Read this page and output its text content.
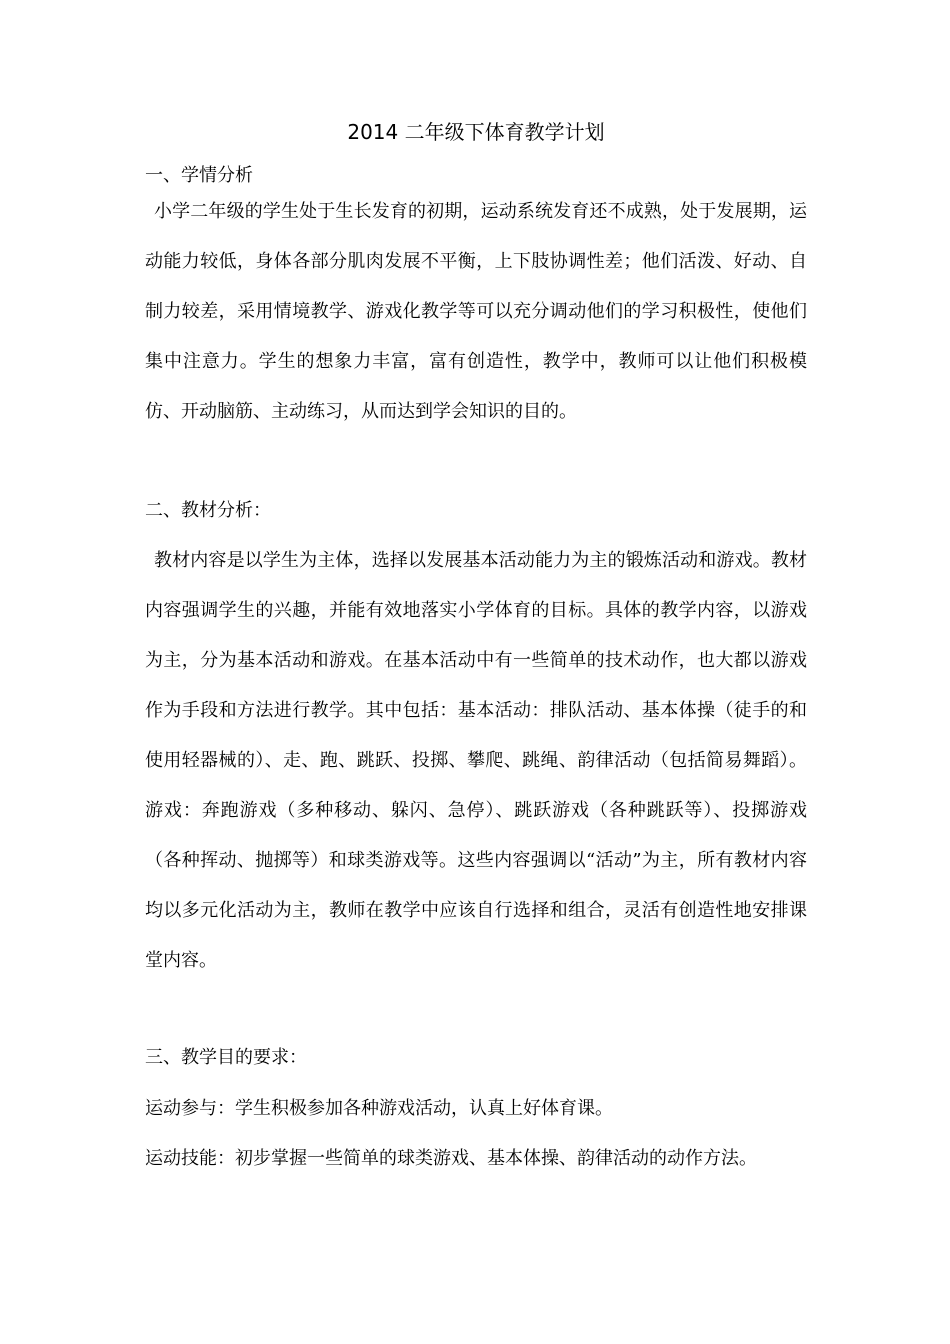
2014 二年级下体育教学计划
一、学情分析
小学二年级的学生处于生长发育的初期，运动系统发育还不成熟，处于发展期，运动能力较低，身体各部分肌肉发展不平衡，上下肢协调性差；他们活泼、好动、自制力较差，采用情境教学、游戏化教学等可以充分调动他们的学习积极性，使他们集中注意力。学生的想象力丰富，富有创造性，教学中，教师可以让他们积极模仿、开动脑筋、主动练习，从而达到学会知识的目的。
二、教材分析：
教材内容是以学生为主体，选择以发展基本活动能力为主的锻炼活动和游戏。教材内容强调学生的兴趣，并能有效地落实小学体育的目标。具体的教学内容，以游戏为主，分为基本活动和游戏。在基本活动中有一些简单的技术动作，也大都以游戏作为手段和方法进行教学。其中包括：基本活动：排队活动、基本体操（徒手的和使用轻器械的）、走、跑、跳跃、投掷、攀爬、跳绳、韵律活动（包括简易舞蹈）。游戏：奔跑游戏（多种移动、躲闪、急停）、跳跃游戏（各种跳跃等）、投掷游戏（各种挥动、抛掷等）和球类游戏等。这些内容强调以“活动”为主，所有教材内容均以多元化活动为主，教师在教学中应该自行选择和组合，灵活有创造性地安排课堂内容。
三、教学目的要求：
运动参与：学生积极参加各种游戏活动，认真上好体育课。
运动技能：初步掌握一些简单的球类游戏、基本体操、韵律活动的动作方法。
